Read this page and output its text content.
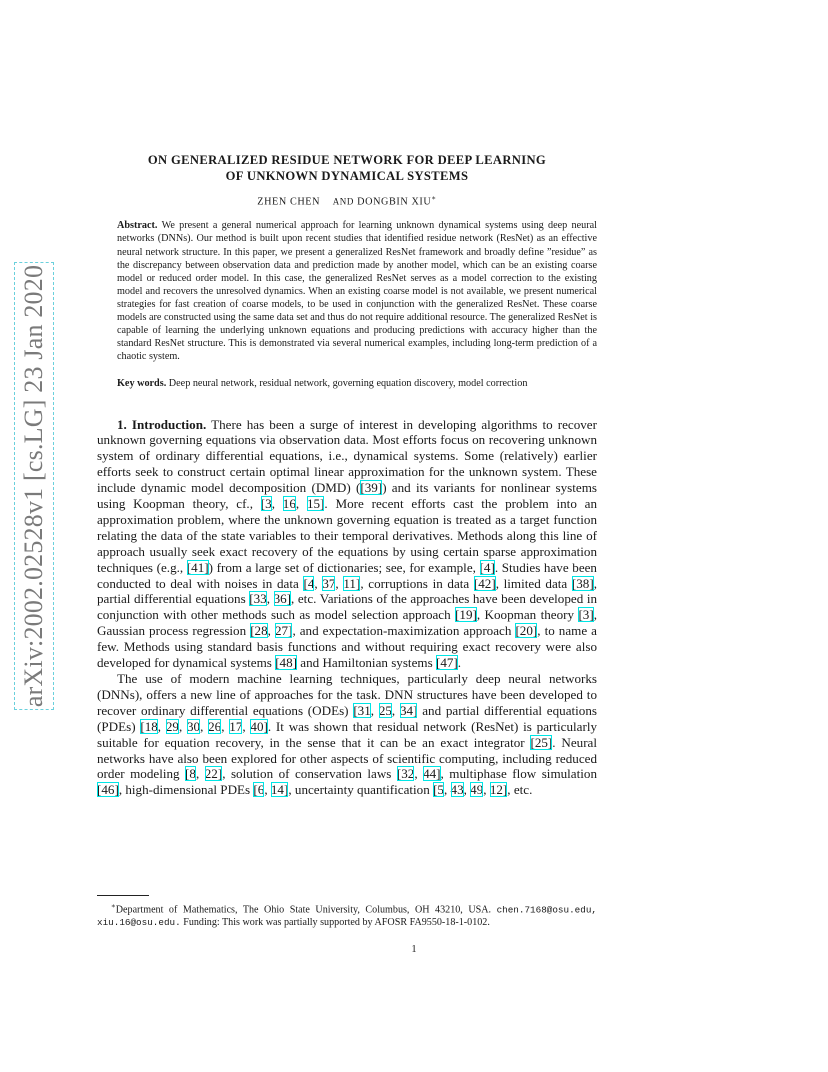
arXiv:2002.02528v1 [cs.LG] 23 Jan 2020
ON GENERALIZED RESIDUE NETWORK FOR DEEP LEARNING
OF UNKNOWN DYNAMICAL SYSTEMS
ZHEN CHEN AND DONGBIN XIU∗
Abstract. We present a general numerical approach for learning unknown dynamical systems using deep neural networks (DNNs). Our method is built upon recent studies that identified residue network (ResNet) as an effective neural network structure. In this paper, we present a generalized ResNet framework and broadly define ”residue” as the discrepancy between observation data and prediction made by another model, which can be an existing coarse model or reduced order model. In this case, the generalized ResNet serves as a model correction to the existing model and recovers the unresolved dynamics. When an existing coarse model is not available, we present numerical strategies for fast creation of coarse models, to be used in conjunction with the generalized ResNet. These coarse models are constructed using the same data set and thus do not require additional resource. The generalized ResNet is capable of learning the underlying unknown equations and producing predictions with accuracy higher than the standard ResNet structure. This is demonstrated via several numerical examples, including long-term prediction of a chaotic system.
Key words. Deep neural network, residual network, governing equation discovery, model correction

1. Introduction. There has been a surge of interest in developing algorithms to recover unknown governing equations via observation data. Most efforts focus on recovering unknown system of ordinary differential equations, i.e., dynamical systems. Some (relatively) earlier efforts seek to construct certain optimal linear approximation for the unknown system. These include dynamic model decomposition (DMD) ([39]) and its variants for nonlinear systems using Koopman theory, cf., [3, 16, 15]. More recent efforts cast the problem into an approximation problem, where the unknown governing equation is treated as a target function relating the data of the state variables to their temporal derivatives. Methods along this line of approach usually seek exact recovery of the equations by using certain sparse approximation techniques (e.g., [41]) from a large set of dictionaries; see, for example, [4]. Studies have been conducted to deal with noises in data [4, 37, 11], corruptions in data [42], limited data [38], partial differential equations [33, 36], etc. Variations of the approaches have been developed in conjunction with other methods such as model selection approach [19], Koopman theory [3], Gaussian process regression [28, 27], and expectation-maximization approach [20], to name a few. Methods using standard basis functions and without requiring exact recovery were also developed for dynamical systems [48] and Hamiltonian systems [47].

The use of modern machine learning techniques, particularly deep neural networks (DNNs), offers a new line of approaches for the task. DNN structures have been developed to recover ordinary differential equations (ODEs) [31, 25, 34] and partial differential equations (PDEs) [18, 29, 30, 26, 17, 40]. It was shown that residual network (ResNet) is particularly suitable for equation recovery, in the sense that it can be an exact integrator [25]. Neural networks have also been explored for other aspects of scientific computing, including reduced order modeling [8, 22], solution of conservation laws [32, 44], multiphase flow simulation [46], high-dimensional PDEs [6, 14], uncertainty quantification [5, 43, 49, 12], etc.

∗Department of Mathematics, The Ohio State University, Columbus, OH 43210, USA. chen.7168@osu.edu, xiu.16@osu.edu. Funding: This work was partially supported by AFOSR FA9550-18-1-0102.
1
